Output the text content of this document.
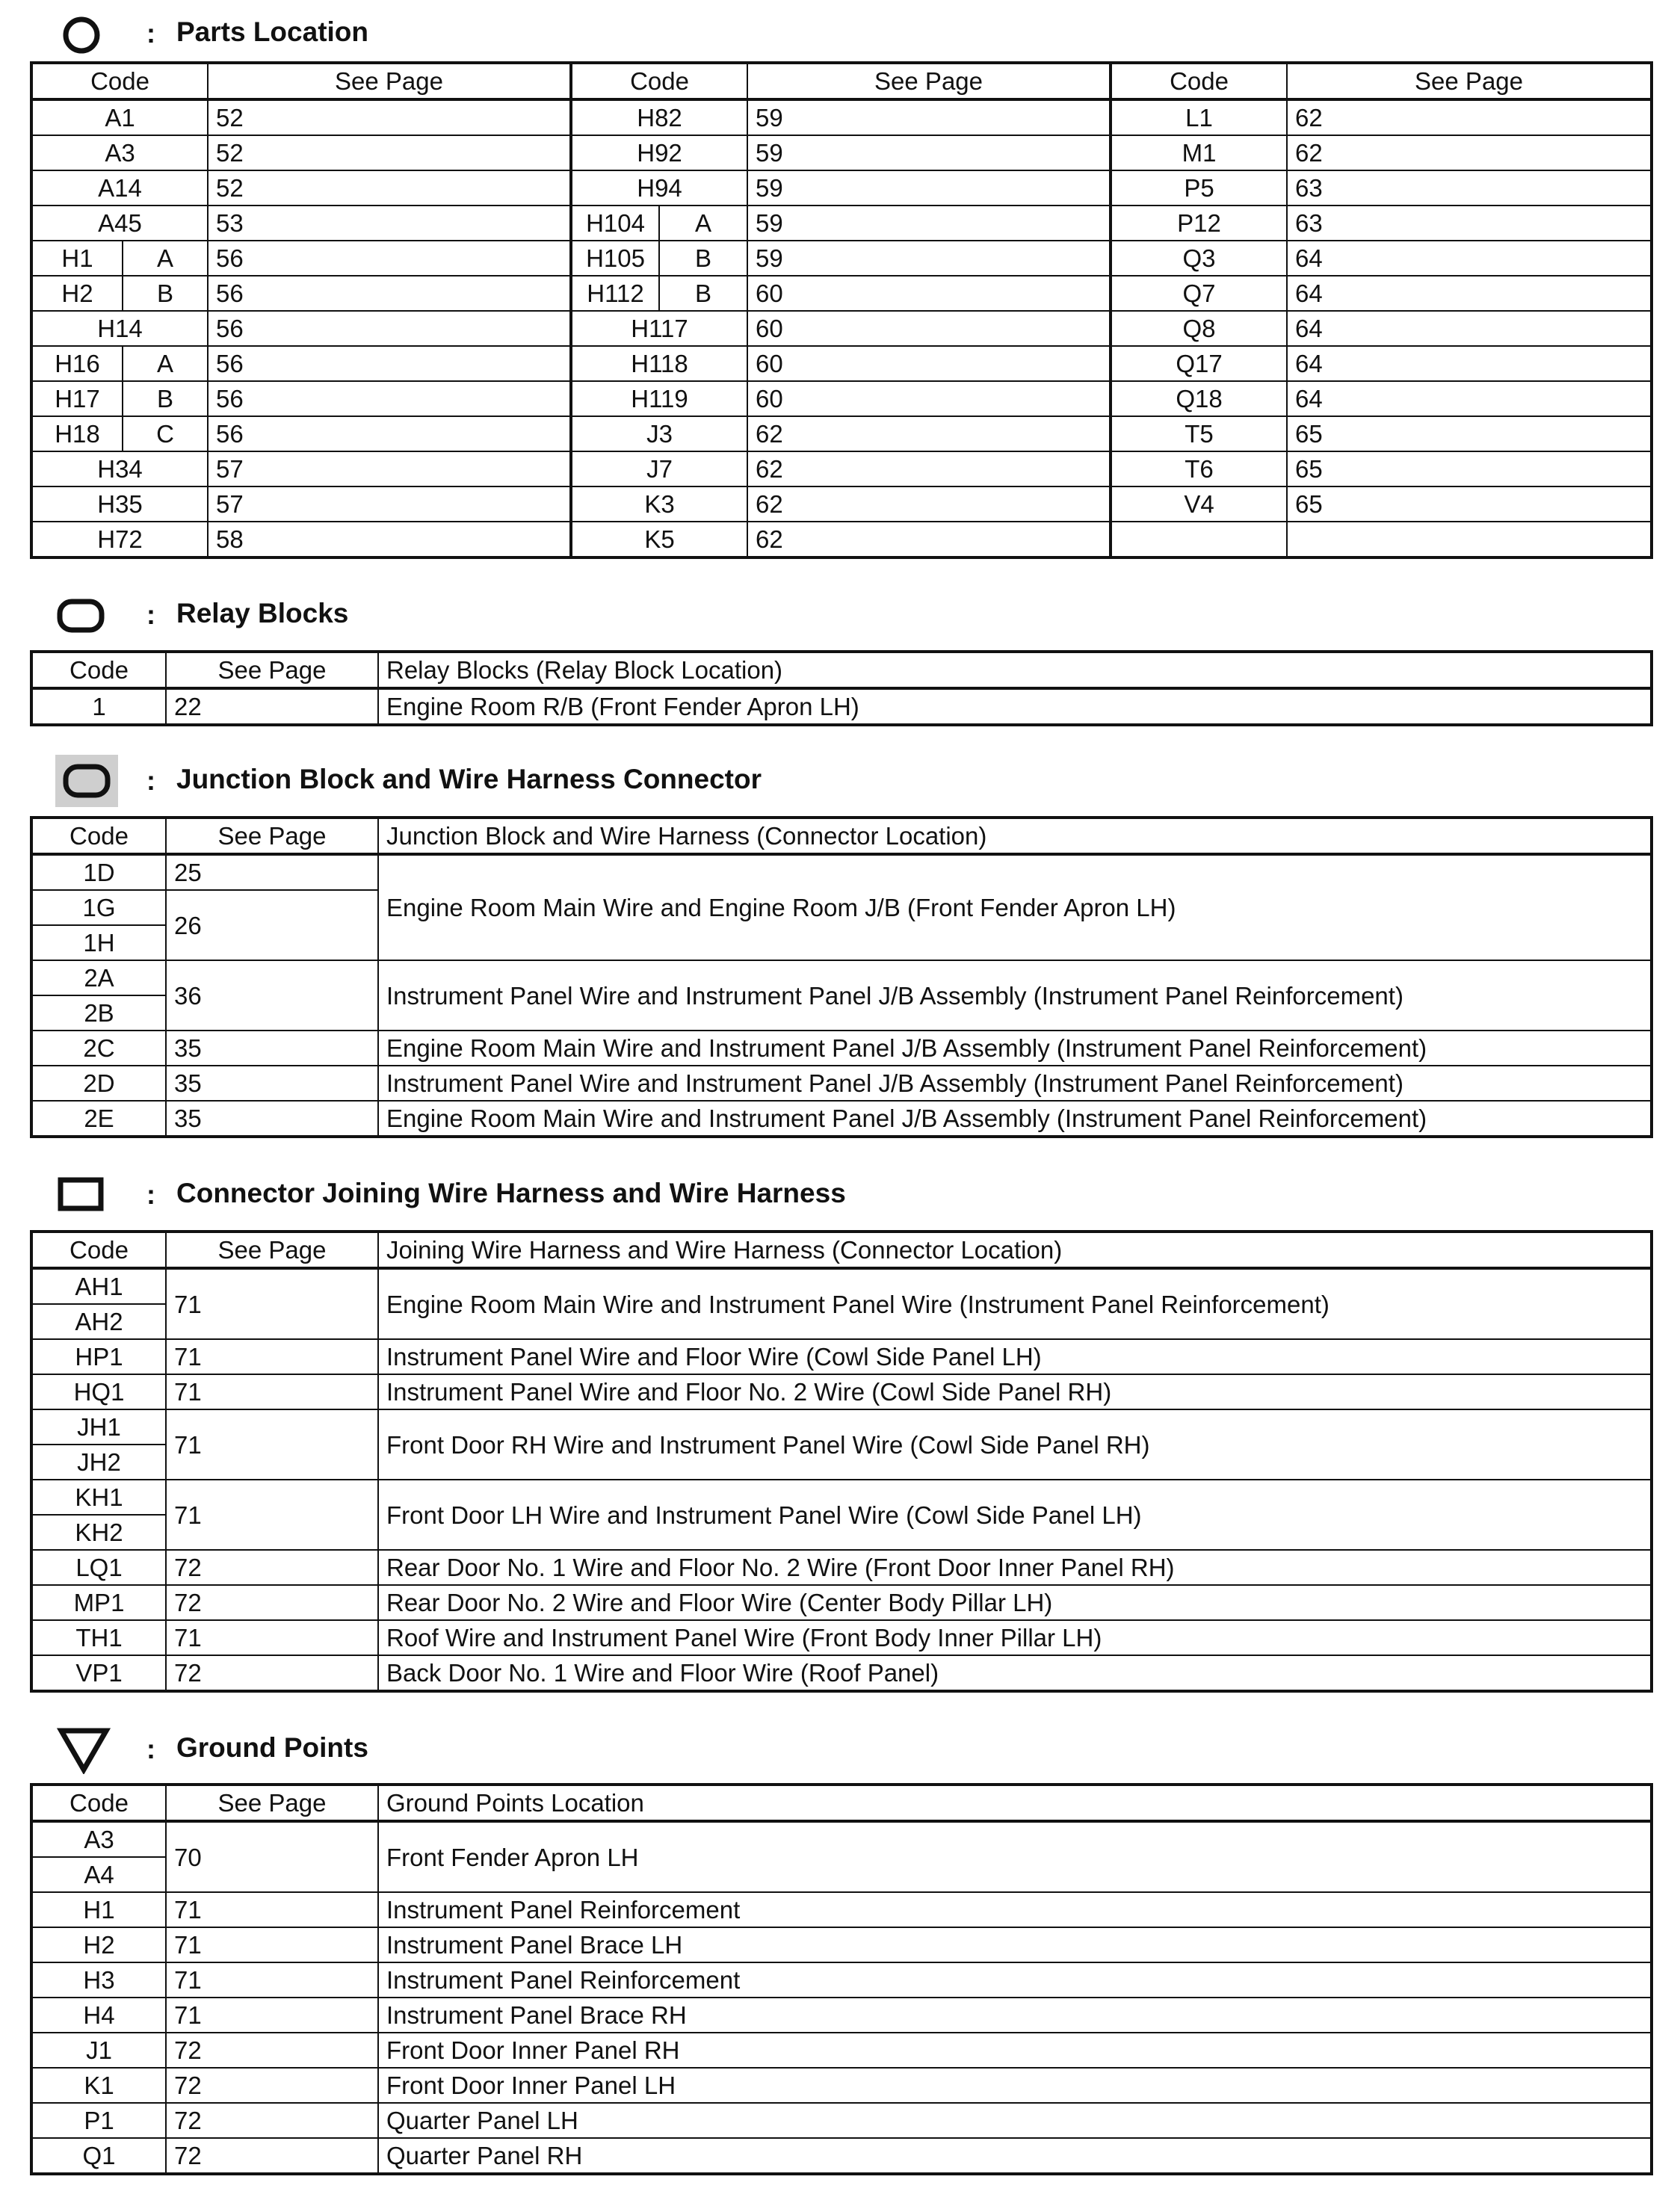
: Parts Location
Code		See Page	Code		See Page	Code	See Page
A1		52	H82		59	L1	62
A3		52	H92		59	M1	62
A14		52	H94		59	P5	63
A45		53	H104	A	59	P12	63
H1	A	56	H105	B	59	Q3	64
H2	B	56	H112	B	60	Q7	64
H14		56	H117		60	Q8	64
H16	A	56	H118		60	Q17	64
H17	B	56	H119		60	Q18	64
H18	C	56	J3		62	T5	65
H34		57	J7		62	T6	65
H35		57	K3		62	V4	65
H72		58	K5		62		
: Relay Blocks
Code	See Page	Relay Blocks (Relay Block Location)
1	22	Engine Room R/B (Front Fender Apron LH)
: Junction Block and Wire Harness Connector
Code	See Page	Junction Block and Wire Harness (Connector Location)
1D	25	Engine Room Main Wire and Engine Room J/B (Front Fender Apron LH)
1G	26	
1H		
2A	36	Instrument Panel Wire and Instrument Panel J/B Assembly (Instrument Panel Reinforcement)
2B		
2C	35	Engine Room Main Wire and Instrument Panel J/B Assembly (Instrument Panel Reinforcement)
2D	35	Instrument Panel Wire and Instrument Panel J/B Assembly (Instrument Panel Reinforcement)
2E	35	Engine Room Main Wire and Instrument Panel J/B Assembly (Instrument Panel Reinforcement)
: Connector Joining Wire Harness and Wire Harness
Code	See Page	Joining Wire Harness and Wire Harness (Connector Location)
AH1	71	Engine Room Main Wire and Instrument Panel Wire (Instrument Panel Reinforcement)
AH2		
HP1	71	Instrument Panel Wire and Floor Wire (Cowl Side Panel LH)
HQ1	71	Instrument Panel Wire and Floor No. 2 Wire (Cowl Side Panel RH)
JH1	71	Front Door RH Wire and Instrument Panel Wire (Cowl Side Panel RH)
JH2		
KH1	71	Front Door LH Wire and Instrument Panel Wire (Cowl Side Panel LH)
KH2		
LQ1	72	Rear Door No. 1 Wire and Floor No. 2 Wire (Front Door Inner Panel RH)
MP1	72	Rear Door No. 2 Wire and Floor Wire (Center Body Pillar LH)
TH1	71	Roof Wire and Instrument Panel Wire (Front Body Inner Pillar LH)
VP1	72	Back Door No. 1 Wire and Floor Wire (Roof Panel)
: Ground Points
Code	See Page	Ground Points Location
A3	70	Front Fender Apron LH
A4		
H1	71	Instrument Panel Reinforcement
H2	71	Instrument Panel Brace LH
H3	71	Instrument Panel Reinforcement
H4	71	Instrument Panel Brace RH
J1	72	Front Door Inner Panel RH
K1	72	Front Door Inner Panel LH
P1	72	Quarter Panel LH
Q1	72	Quarter Panel RH
